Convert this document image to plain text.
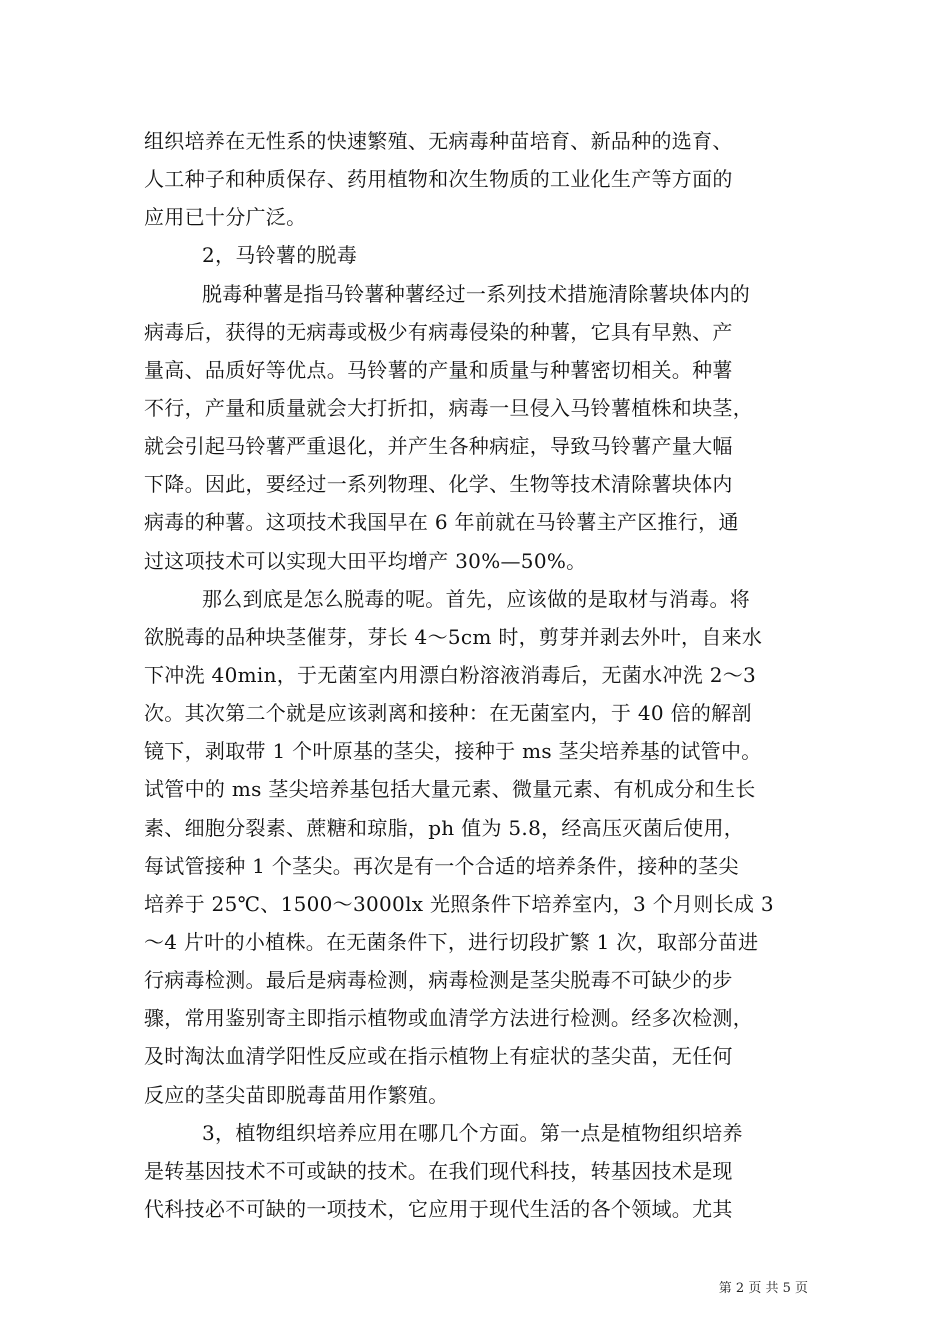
组织培养在无性系的快速繁殖、无病毒种苗培育、新品种的选育、
人工种子和种质保存、药用植物和次生物质的工业化生产等方面的
应用已十分广泛。
2，马铃薯的脱毒
脱毒种薯是指马铃薯种薯经过一系列技术措施清除薯块体内的
病毒后，获得的无病毒或极少有病毒侵染的种薯，它具有早熟、产
量高、品质好等优点。马铃薯的产量和质量与种薯密切相关。种薯
不行，产量和质量就会大打折扣，病毒一旦侵入马铃薯植株和块茎，
就会引起马铃薯严重退化，并产生各种病症，导致马铃薯产量大幅
下降。因此，要经过一系列物理、化学、生物等技术清除薯块体内
病毒的种薯。这项技术我国早在 6 年前就在马铃薯主产区推行，通
过这项技术可以实现大田平均增产 30%—50%。
那么到底是怎么脱毒的呢。首先，应该做的是取材与消毒。将
欲脱毒的品种块茎催芽，芽长 4～5cm 时，剪芽并剥去外叶，自来水
下冲洗 40min，于无菌室内用漂白粉溶液消毒后，无菌水冲洗 2～3
次。其次第二个就是应该剥离和接种：在无菌室内，于 40 倍的解剖
镜下，剥取带 1 个叶原基的茎尖，接种于 ms 茎尖培养基的试管中。
试管中的 ms 茎尖培养基包括大量元素、微量元素、有机成分和生长
素、细胞分裂素、蔗糖和琼脂，ph 值为 5.8，经高压灭菌后使用，
每试管接种 1 个茎尖。再次是有一个合适的培养条件，接种的茎尖
培养于 25℃、1500～3000lx 光照条件下培养室内，3 个月则长成 3
～4 片叶的小植株。在无菌条件下，进行切段扩繁 1 次，取部分苗进
行病毒检测。最后是病毒检测，病毒检测是茎尖脱毒不可缺少的步
骤，常用鉴别寄主即指示植物或血清学方法进行检测。经多次检测，
及时淘汰血清学阳性反应或在指示植物上有症状的茎尖苗，无任何
反应的茎尖苗即脱毒苗用作繁殖。
3，植物组织培养应用在哪几个方面。第一点是植物组织培养
是转基因技术不可或缺的技术。在我们现代科技，转基因技术是现
代科技必不可缺的一项技术，它应用于现代生活的各个领域。尤其
第 2 页 共 5 页
